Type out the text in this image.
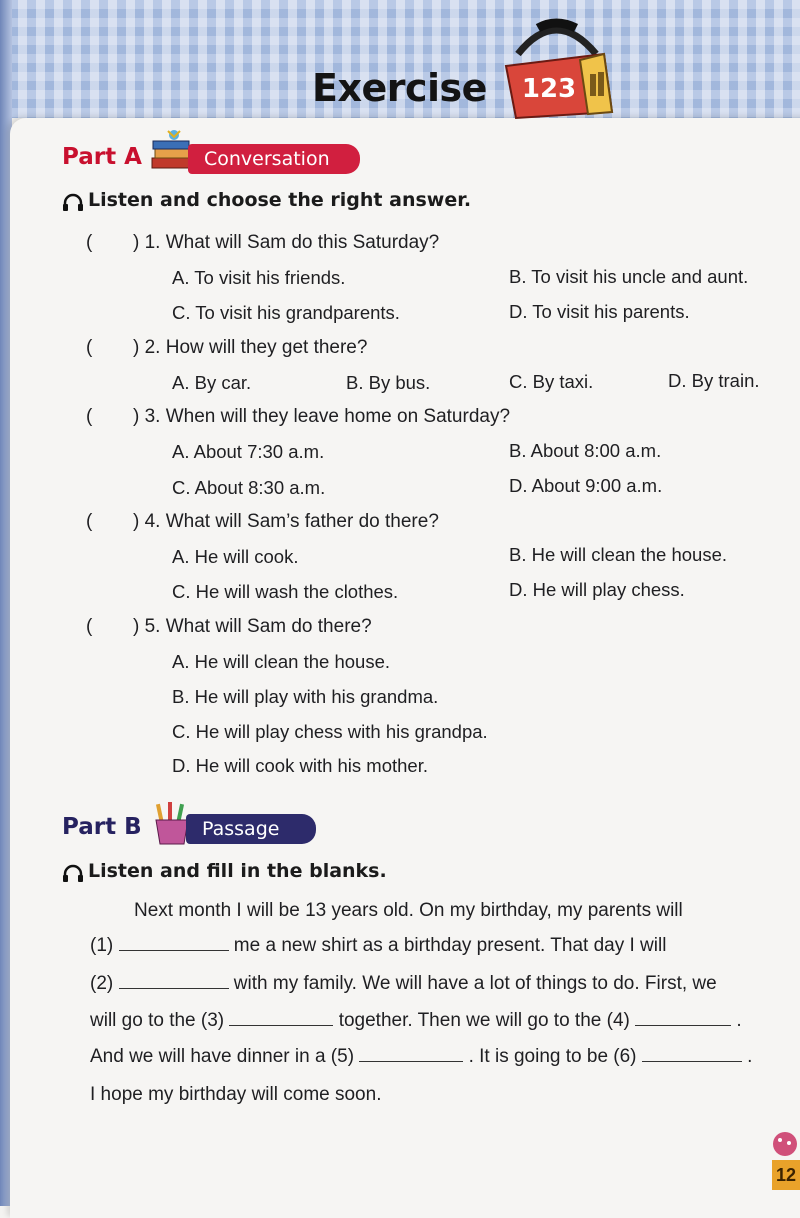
Exercise 123
Part A	Conversation
Listen and choose the right answer.
( ) 1. What will Sam do this Saturday?
A. To visit his friends.	B. To visit his uncle and aunt.
C. To visit his grandparents.	D. To visit his parents.
( ) 2. How will they get there?
A. By car.	B. By bus.	C. By taxi.	D. By train.
( ) 3. When will they leave home on Saturday?
A. About 7:30 a.m.	B. About 8:00 a.m.
C. About 8:30 a.m.	D. About 9:00 a.m.
( ) 4. What will Sam’s father do there?
A. He will cook.	B. He will clean the house.
C. He will wash the clothes.	D. He will play chess.
( ) 5. What will Sam do there?
A. He will clean the house.
B. He will play with his grandma.
C. He will play chess with his grandpa.
D. He will cook with his mother.
Part B	Passage
Listen and fill in the blanks.
Next month I will be 13 years old. On my birthday, my parents will
(1)	me a new shirt as a birthday present. That day I will
(2)	with my family. We will have a lot of things to do. First, we
will go to the (3)	together. Then we will go to the (4)	.
And we will have dinner in a (5)	. It is going to be (6)	.
I hope my birthday will come soon.
12
